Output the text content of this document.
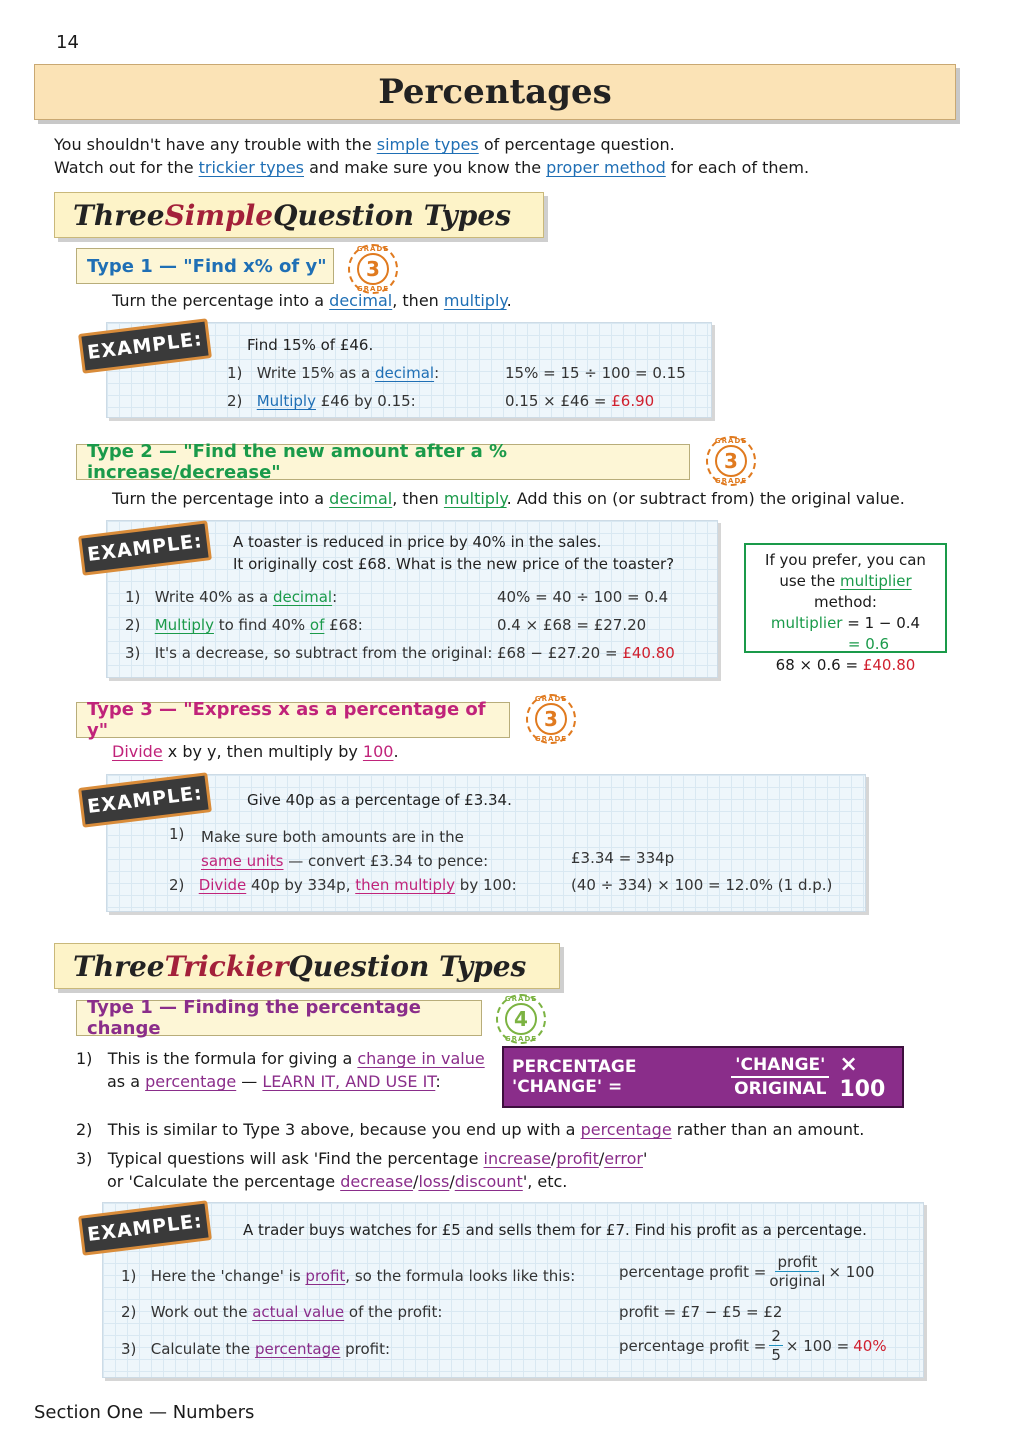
14
Percentages
You shouldn't have any trouble with the simple types of percentage question.
Watch out for the trickier types and make sure you know the proper method for each of them.
Three Simple Question Types
Type 1 — "Find x% of y"
GRADE
3
GRADE
Turn the percentage into a decimal, then multiply.
Find 15% of £46.
1) Write 15% as a decimal:	15% = 15 ÷ 100 = 0.15
2) Multiply £46 by 0.15:	0.15 × £46 = £6.90
EXAMPLE:
Type 2 — "Find the new amount after a % increase/decrease"
GRADE
3
GRADE
Turn the percentage into a decimal, then multiply. Add this on (or subtract from) the original value.
A toaster is reduced in price by 40% in the sales.
It originally cost £68. What is the new price of the toaster?
1) Write 40% as a decimal:	40% = 40 ÷ 100 = 0.4
2) Multiply to find 40% of £68:	0.4 × £68 = £27.20
3) It's a decrease, so subtract from the original: £68 − £27.20 = £40.80
EXAMPLE:	If you prefer, you can
use the multiplier method:
multiplier = 1 − 0.4
= 0.6
68 × 0.6 = £40.80
Type 3 — "Express x as a percentage of y"
GRADE
3
GRADE
Divide x by y, then multiply by 100.
Give 40p as a percentage of £3.34.
1) Make sure both amounts are in the
same units — convert £3.34 to pence:	£3.34 = 334p
2) Divide 40p by 334p, then multiply by 100:	(40 ÷ 334) × 100 = 12.0% (1 d.p.)
EXAMPLE:
Three Trickier Question Types
Type 1 — Finding the percentage change
GRADE
4
GRADE
1) This is the formula for giving a change in value
as a percentage — LEARN IT, AND USE IT:
PERCENTAGE 'CHANGE' =	$\frac{\text{'CHANGE'}}{\text{ORIGINAL}} \times 100$
2) This is similar to Type 3 above, because you end up with a percentage rather than an amount.
3) Typical questions will ask 'Find the percentage increase/profit/error'
or 'Calculate the percentage decrease/loss/discount', etc.
A trader buys watches for £5 and sells them for £7. Find his profit as a percentage.
1) Here the 'change' is profit, so the formula looks like this:	percentage profit = $\frac{\text{profit}}{\text{original}} \times 100$
2) Work out the actual value of the profit:	profit = £7 − £5 = £2
3) Calculate the percentage profit:	percentage profit = $\frac{2}{5} \times 100 = 40\%$
EXAMPLE:
Section One — Numbers
